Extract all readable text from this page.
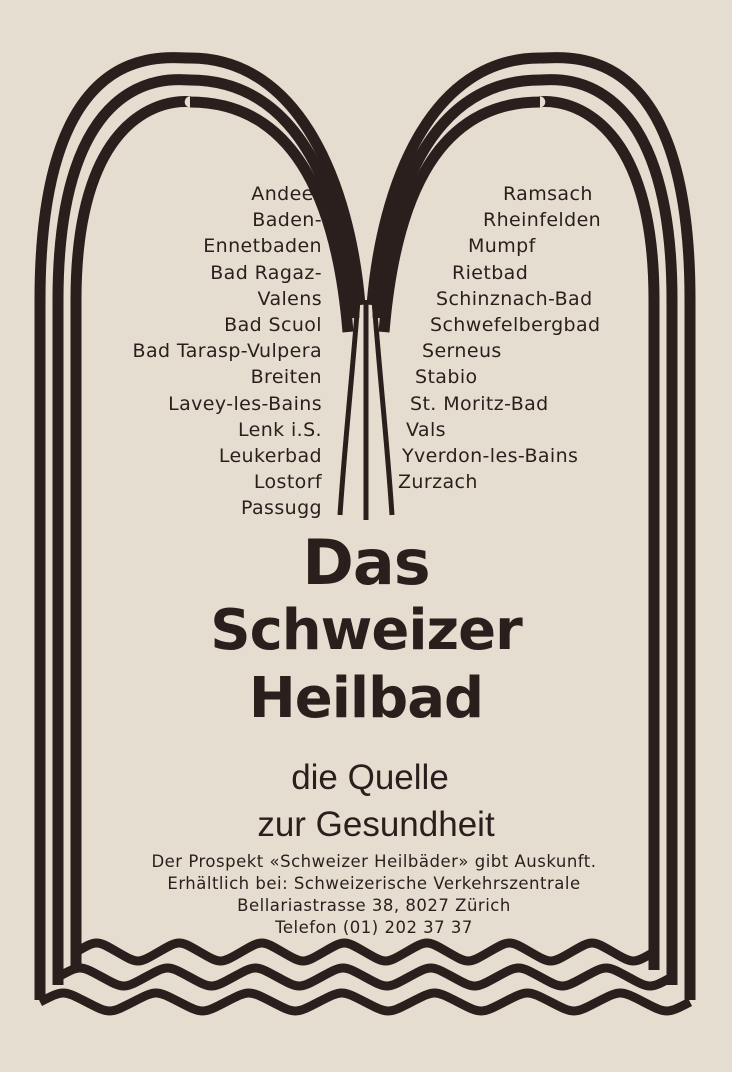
Andeer
Baden-
Ennetbaden
Bad Ragaz-
Valens
Bad Scuol
Bad Tarasp-Vulpera
Breiten
Lavey-les-Bains
Lenk i.S.
Leukerbad
Lostorf
Passugg
Ramsach
Rheinfelden
Mumpf
Rietbad
Schinznach-Bad
Schwefelbergbad
Serneus
Stabio
St. Moritz-Bad
Vals
Yverdon-les-Bains
Zurzach
Das
Schweizer
Heilbad
die Quelle
zur Gesundheit
Der Prospekt «Schweizer Heilbäder» gibt Auskunft.
Erhältlich bei: Schweizerische Verkehrszentrale
Bellariastrasse 38, 8027 Zürich
Telefon (01) 202 37 37
